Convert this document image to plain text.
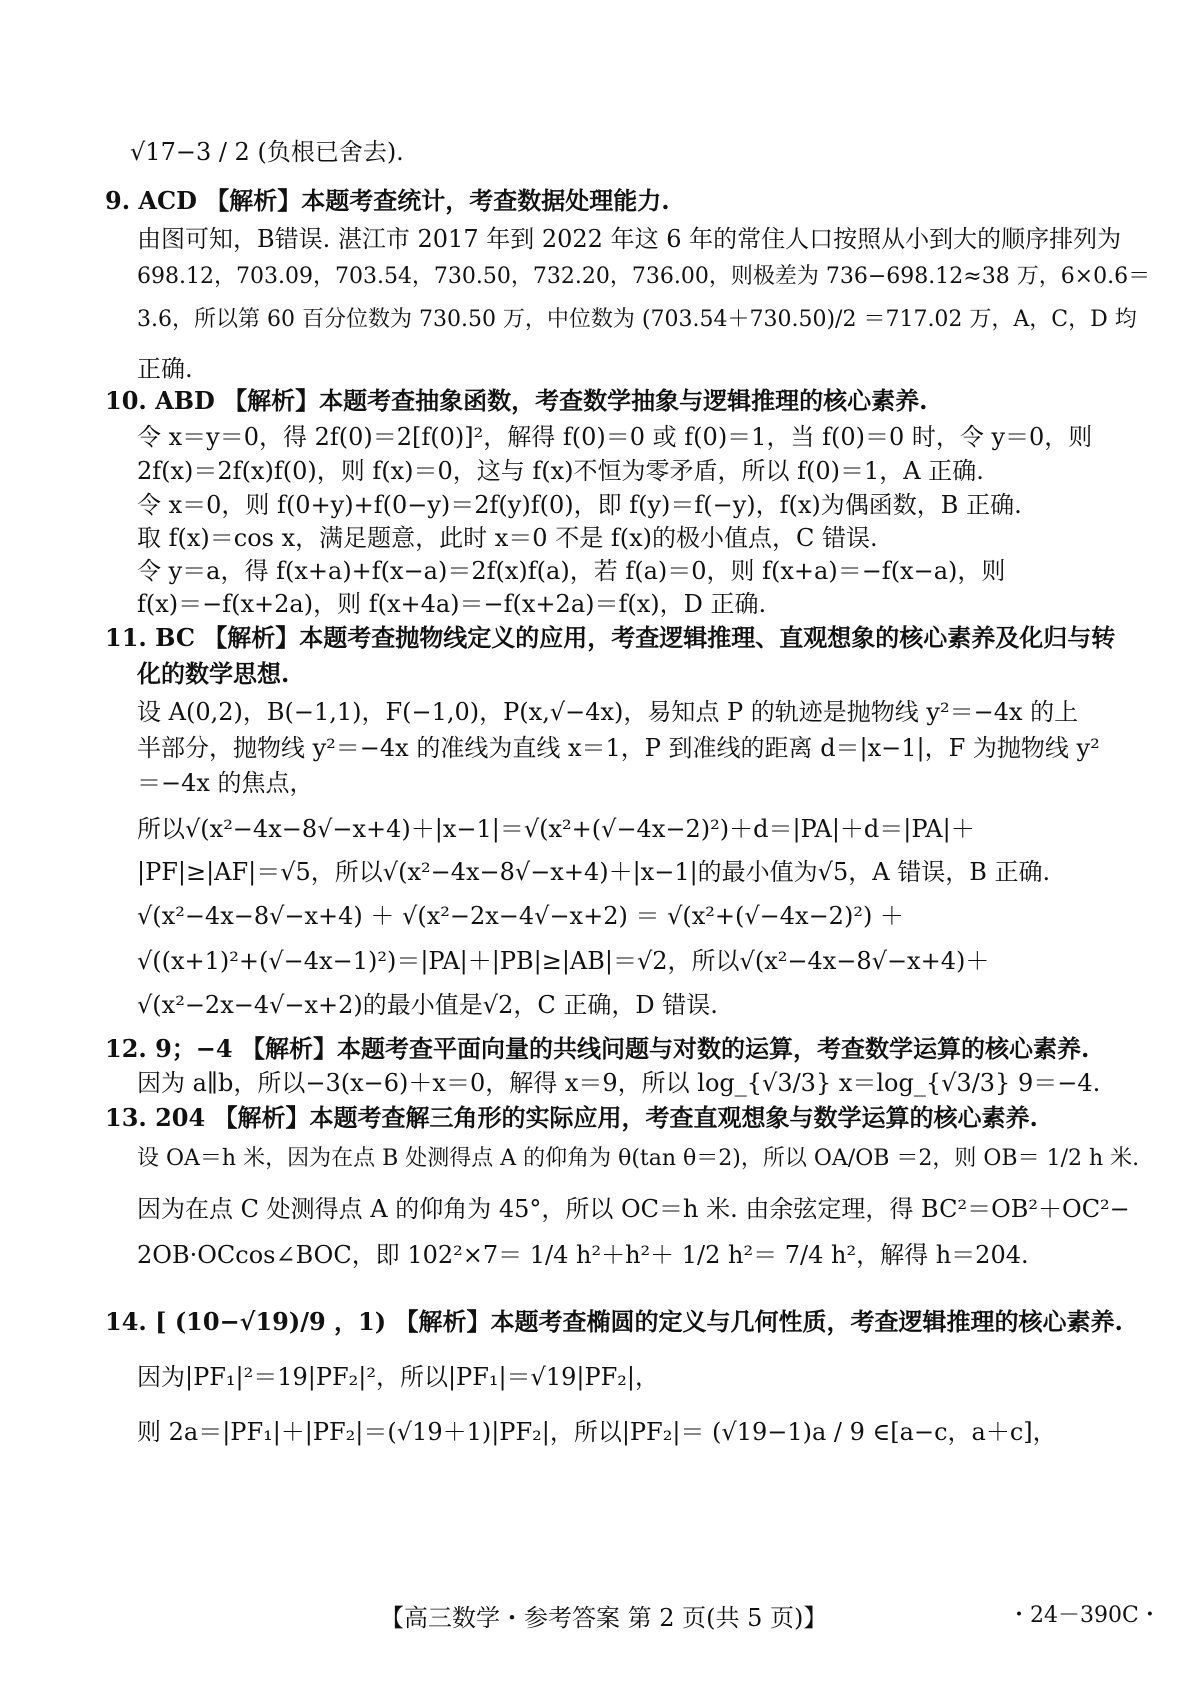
√17−3 / 2 (负根已舍去).
9. ACD 【解析】本题考查统计，考查数据处理能力.
由图可知，B错误. 湛江市 2017 年到 2022 年这 6 年的常住人口按照从小到大的顺序排列为
698.12，703.09，703.54，730.50，732.20，736.00，则极差为 736−698.12≈38 万，6×0.6＝
3.6，所以第 60 百分位数为 730.50 万，中位数为 (703.54＋730.50)/2 ＝717.02 万，A，C，D 均
正确.
10. ABD 【解析】本题考查抽象函数，考查数学抽象与逻辑推理的核心素养.
令 x＝y＝0，得 2f(0)＝2[f(0)]²，解得 f(0)＝0 或 f(0)＝1，当 f(0)＝0 时，令 y＝0，则
2f(x)＝2f(x)f(0)，则 f(x)＝0，这与 f(x)不恒为零矛盾，所以 f(0)＝1，A 正确.
令 x＝0，则 f(0+y)+f(0−y)＝2f(y)f(0)，即 f(y)＝f(−y)，f(x)为偶函数，B 正确.
取 f(x)＝cos x，满足题意，此时 x＝0 不是 f(x)的极小值点，C 错误.
令 y＝a，得 f(x+a)+f(x−a)＝2f(x)f(a)，若 f(a)＝0，则 f(x+a)＝−f(x−a)，则
f(x)＝−f(x+2a)，则 f(x+4a)＝−f(x+2a)＝f(x)，D 正确.
11. BC 【解析】本题考查抛物线定义的应用，考查逻辑推理、直观想象的核心素养及化归与转
化的数学思想.
设 A(0,2)，B(−1,1)，F(−1,0)，P(x,√−4x)，易知点 P 的轨迹是抛物线 y²＝−4x 的上
半部分，抛物线 y²＝−4x 的准线为直线 x＝1，P 到准线的距离 d＝|x−1|，F 为抛物线 y²
＝−4x 的焦点，
所以√(x²−4x−8√−x+4)＋|x−1|＝√(x²+(√−4x−2)²)＋d＝|PA|＋d＝|PA|＋
|PF|≥|AF|＝√5，所以√(x²−4x−8√−x+4)＋|x−1|的最小值为√5，A 错误，B 正确.
√(x²−4x−8√−x+4) ＋ √(x²−2x−4√−x+2) ＝ √(x²+(√−4x−2)²) ＋
√((x+1)²+(√−4x−1)²)＝|PA|＋|PB|≥|AB|＝√2，所以√(x²−4x−8√−x+4)＋
√(x²−2x−4√−x+2)的最小值是√2，C 正确，D 错误.
12. 9；−4 【解析】本题考查平面向量的共线问题与对数的运算，考查数学运算的核心素养.
因为 a∥b，所以−3(x−6)＋x＝0，解得 x＝9，所以 log_{√3/3} x＝log_{√3/3} 9＝−4.
13. 204 【解析】本题考查解三角形的实际应用，考查直观想象与数学运算的核心素养.
设 OA＝h 米，因为在点 B 处测得点 A 的仰角为 θ(tan θ＝2)，所以 OA/OB ＝2，则 OB＝ 1/2 h 米.
因为在点 C 处测得点 A 的仰角为 45°，所以 OC＝h 米. 由余弦定理，得 BC²＝OB²＋OC²−
2OB·OCcos∠BOC，即 102²×7＝ 1/4 h²＋h²＋ 1/2 h²＝ 7/4 h²，解得 h＝204.
14. [ (10−√19)/9 ，1) 【解析】本题考查椭圆的定义与几何性质，考查逻辑推理的核心素养.
因为|PF₁|²＝19|PF₂|²，所以|PF₁|＝√19|PF₂|，
则 2a＝|PF₁|＋|PF₂|＝(√19＋1)|PF₂|，所以|PF₂|＝ (√19−1)a / 9 ∈[a−c，a＋c]，
【高三数学・参考答案 第 2 页(共 5 页)】	・24－390C・
